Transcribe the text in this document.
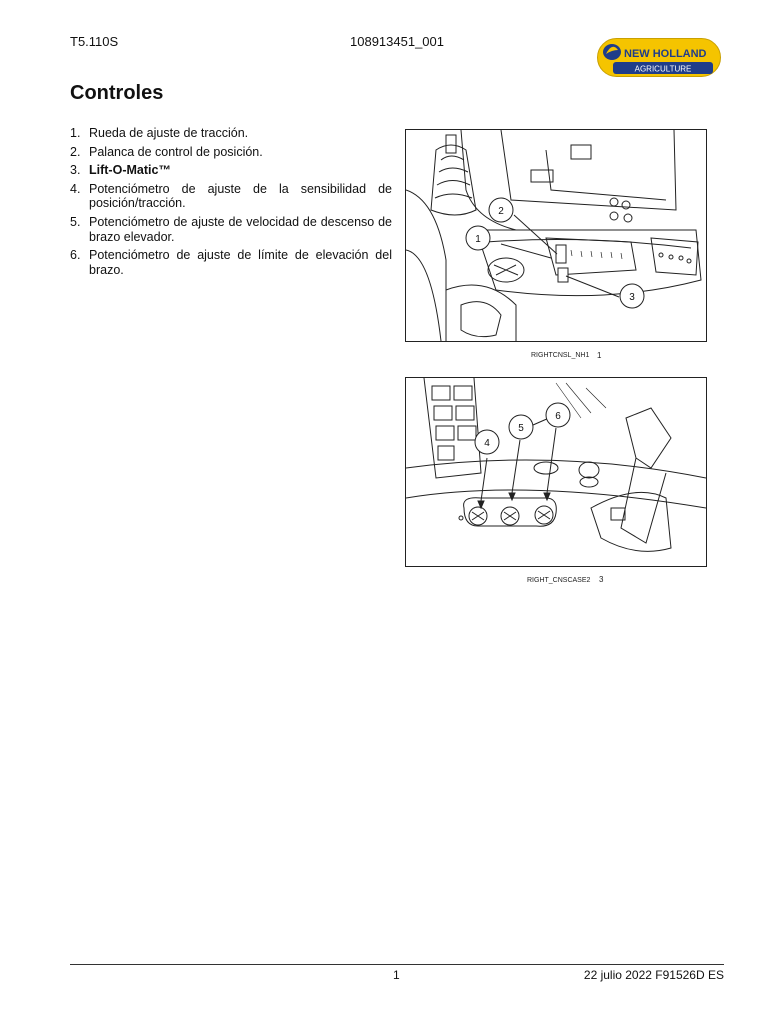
T5.110S	108913451_001
NEW HOLLAND
AGRICULTURE
Controles
1. Rueda de ajuste de tracción.
2. Palanca de control de posición.
3. Lift-O-Matic™
4. Potenciómetro de ajuste de la sensibilidad de posición/tracción.
5. Potenciómetro de ajuste de velocidad de descenso de brazo elevador.
6. Potenciómetro de ajuste de límite de elevación del brazo.
2
1
3
RIGHTCNSL_NH1 1
4
5
6
RIGHT_CNSCASE2 3
1	22 julio 2022 F91526D ES
